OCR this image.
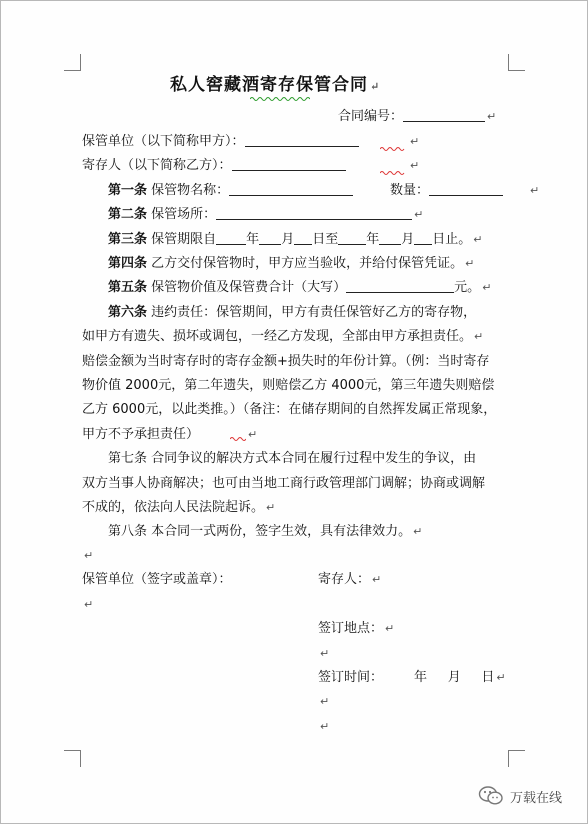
私人窖藏酒寄存保管合同 ↵
合同编号：	↵
保管单位（以下简称甲方）：	↵
寄存人（以下简称乙方）：	↵
第一条 保管物名称：	数量：	↵
第二条 保管场所：	↵
第三条 保管期限自 年 月 日至 年 月 日止。 ↵
第四条 乙方交付保管物时，甲方应当验收，并给付保管凭证。 ↵
第五条 保管物价值及保管费合计（大写）	元。 ↵
第六条 违约责任：保管期间，甲方有责任保管好乙方的寄存物，
如甲方有遗失、损坏或调包，一经乙方发现，全部由甲方承担责任。 ↵
赔偿金额为当时寄存时的寄存金额+损失时的年份计算。（例：当时寄存
物价值 2000元，第二年遗失，则赔偿乙方 4000元，第三年遗失则赔偿
乙方 6000元，以此类推。）（备注：在储存期间的自然挥发属正常现象，
甲方不予承担责任）	↵
第七条 合同争议的解决方式本合同在履行过程中发生的争议，由
双方当事人协商解决；也可由当地工商行政管理部门调解；协商或调解
不成的，依法向人民法院起诉。 ↵
第八条 本合同一式两份，签字生效，具有法律效力。 ↵
↵
保管单位（签字或盖章）：	寄存人： ↵
↵
签订地点： ↵
↵
签订时间： 年 月 日 ↵
↵
↵
万载在线
